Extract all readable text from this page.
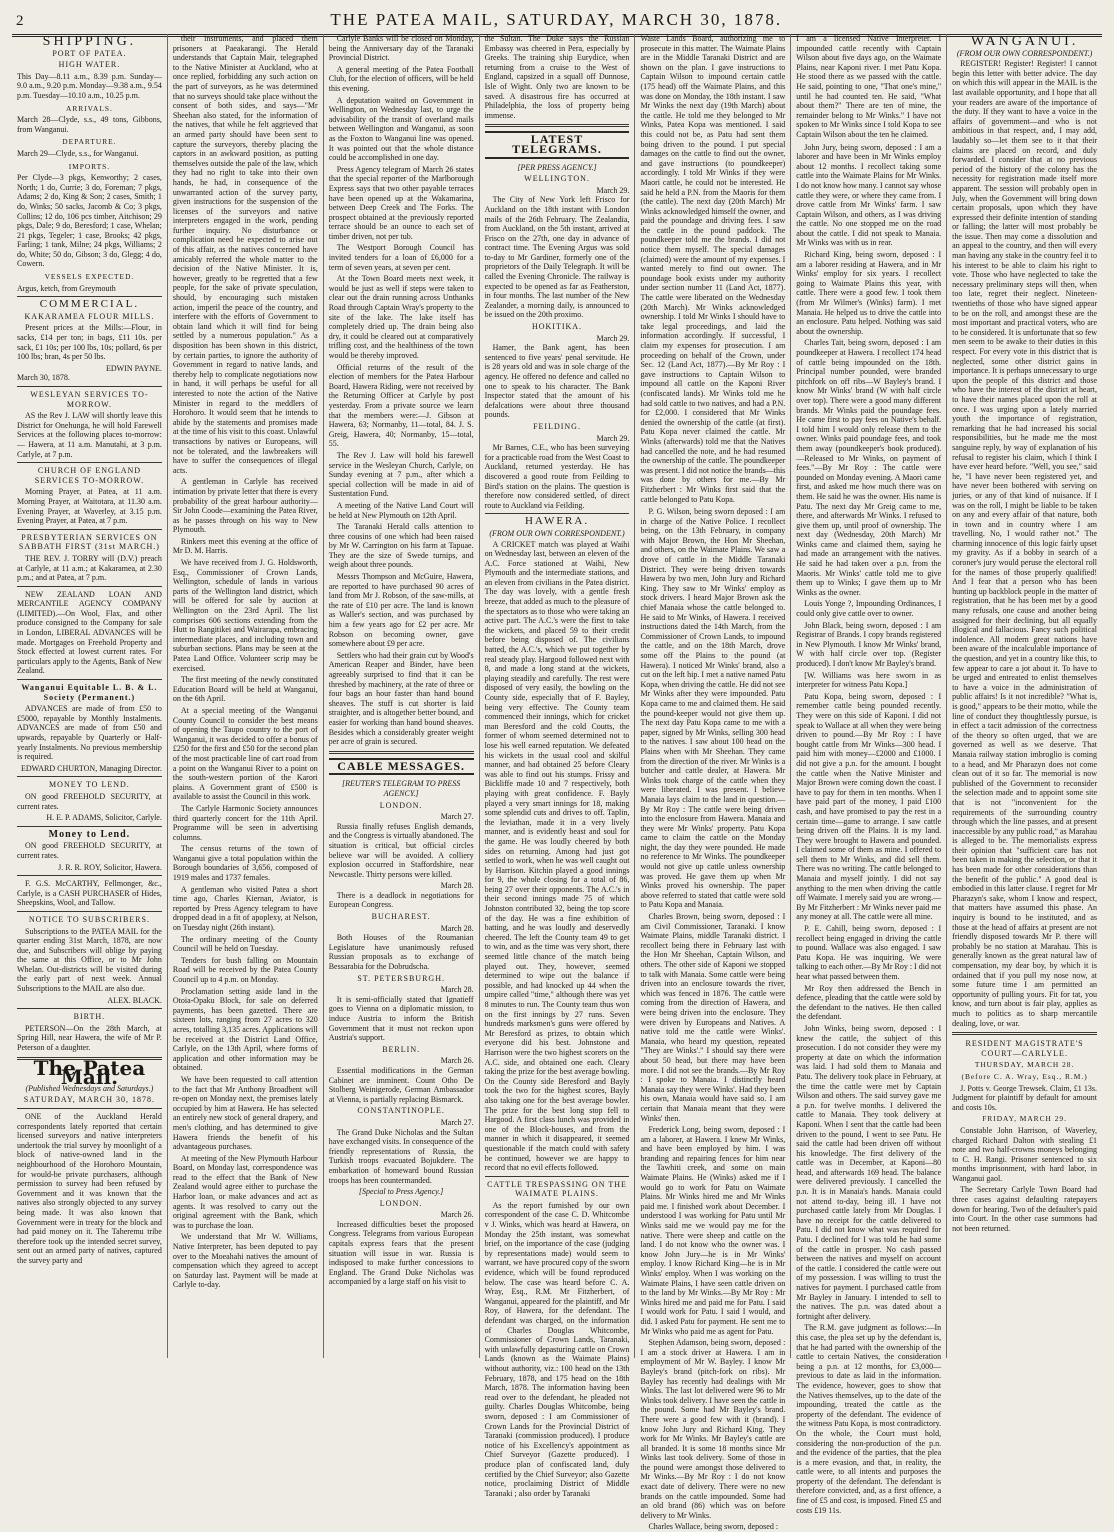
2	THE PATEA MAIL, SATURDAY, MARCH 30, 1878.
SHIPPING.
PORT OF PATEA.
HIGH WATER.
This Day—8.11 a.m., 8.39 p.m. Sunday—9.0 a.m., 9.20 p.m. Monday—9.38 a.m., 9.54 p.m. Tuesday—10.10 a.m., 10.25 p.m.
ARRIVALS.
March 28—Clyde, s.s., 49 tons, Gibbons, from Wanganui.
DEPARTURE.
March 29—Clyde, s.s., for Wanganui.
IMPORTS.
Per Clyde—3 pkgs, Kenworthy; 2 cases, North; 1 do, Currie; 3 do, Foreman; 7 pkgs, Adams; 2 do, King & Son; 2 cases, Smith; 1 do, Winks; 50 sacks, Jacomb & Co; 3 pkgs, Collins; 12 do, 106 pcs timber, Aitchison; 29 pkgs, Dale; 9 do, Beresford; 1 case, Whelan; 21 pkgs, Tegeler; 1 case, Brooks; 42 pkgs, Farling; 1 tank, Milne; 24 pkgs, Williams; 2 do, White; 50 do, Gibson; 3 do, Glegg; 4 do, Cowern.
VESSELS EXPECTED.
Argus, ketch, from Greymouth
COMMERCIAL.
KAKARAMEA FLOUR MILLS.
Present prices at the Mills:—Flour, in sacks, £14 per ton; in bags, £11 10s. per sack, £1 10s; per 100 lbs, 10s; pollard, 6s per 100 lbs; bran, 4s per 50 lbs.
EDWIN PAYNE.
March 30, 1878.
WESLEYAN SERVICES TO-MORROW.
AS the Rev J. LAW will shortly leave this District for Onehunga, he will hold Farewell Services at the following places to-morrow:— Hawera, at 11 a.m. Manutahi, at 3 p.m. Carlyle, at 7 p.m.
CHURCH OF ENGLAND SERVICES TO-MORROW.
Morning Prayer, at Patea, at 11 a.m. Morning Prayer, at Waitotara, at 11.30 a.m. Evening Prayer, at Waverley, at 3.15 p.m. Evening Prayer, at Patea, at 7 p.m.
PRESBYTERIAN SERVICES ON SABBATH FIRST (31st MARCH.)
THE REV. J. TORRY will (D.V.) preach at Carlyle, at 11 a.m.; at Kakaramea, at 2.30 p.m.; and at Patea, at 7 p.m.
NEW ZEALAND LOAN AND MERCANTILE AGENCY COMPANY (LIMITED).—On Wool, Flax, and other produce consigned to the Company for sale in London, LIBERAL ADVANCES will be made. Mortgages on Freehold Property and Stock effected at lowest current rates. For particulars apply to the Agents, Bank of New Zealand.
Wanganui Equitable L. B. & L. Society (Permanent.)
ADVANCES are made of from £50 to £5000, repayable by Monthly Instalments. ADVANCES are made of from £50 and upwards, repayable by Quarterly or Half-yearly Instalments. No previous membership is required.
EDWARD CHURTON, Managing Director.
MONEY TO LEND.
ON good FREEHOLD SECURITY, at current rates.
H. E. P. ADAMS, Solicitor, Carlyle.
Money to Lend.
ON good FREEHOLD SECURITY, at current rates.
J. R. R. ROY, Solicitor, Hawera.
F. G.S. McCARTHY, Fellmonger, &c., Carlyle, is a CASH PURCHASER of Hides, Sheepskins, Wool, and Tallow.
NOTICE TO SUBSCRIBERS.
Subscriptions to the PATEA MAIL for the quarter ending 31st March, 1878, are now due, and Subscribers will oblige by paying the same at this Office, or to Mr John Whelan. Out-districts will be visited during the early part of next week. Annual Subscriptions to the MAIL are also due.
ALEX. BLACK.
BIRTH.
PETERSON—On the 28th March, at Spring Hill, near Hawera, the wife of Mr P. Peterson of a daughter.
The Patea Mail.
(Published Wednesdays and Saturdays.)
SATURDAY, MARCH 30, 1878.
ONE of the Auckland Herald correspondents lately reported that certain licensed surveyors and native interpreters undertook the trial survey by moonlight of a block of native-owned land in the neighbourhood of the Horohoro Mountain, for would-be private purchasers, although permission to survey had been refused by Government and it was known that the natives also strongly objected to any survey being made. It was also known that Government were in treaty for the block and had paid money on it. The Taheremu tribe therefore took up the intended secret survey, sent out an armed party of natives, captured the survey party and
their instruments, and placed them prisoners at Paeakarangi. The Herald understands that Captain Mair, telegraphed to the Native Minister at Auckland, who at once replied, forbidding any such action on the part of surveyors, as he was determined that no surveys should take place without the consent of both sides, and says—"Mr Sheehan also stated, for the information of the natives, that while he felt aggrieved that an armed party should have been sent to capture the surveyors, thereby placing the captors in an awkward position, as putting themselves outside the pale of the law, which they had no right to take into their own hands, he had, in consequence of the unwarranted action of the survey party, given instructions for the suspension of the licenses of the surveyors and native interpreters engaged in the work, pending further inquiry. No disturbance or complication need be expected to arise out of this affair, as the natives concerned have amicably referred the whole matter to the decision of the Native Minister. It is, however, greatly to be regretted that a few people, for the sake of private speculation, should, by encouraging such mistaken action, imperil the peace of the country, and interfere with the efforts of Government to obtain land which it will find for being settled by a numerous population." As a disposition has been shown in this district, by certain parties, to ignore the authority of Government in regard to native lands, and thereby help to complicate negotiations now in hand, it will perhaps be useful for all interested to note the action of the Native Minister in regard to the meddlers of Horohoro. It would seem that he intends to abide by the statements and promises made at the time of his visit to this coast. Unlawful transactions by natives or Europeans, will not be tolerated, and the lawbreakers will have to suffer the consequences of illegal acts.
A gentleman in Carlyle has received intimation by private letter that there is every probability of the great harbour authority—Sir John Coode—examining the Patea River, as he passes through on his way to New Plymouth.
Rinkers meet this evening at the office of Mr D. M. Harris.
We have received from J. G. Holdsworth, Esq., Commissioner of Crown Lands, Wellington, schedule of lands in various parts of the Wellington land district, which will be offered for sale by auction at Wellington on the 23rd April. The list comprises 606 sections extending from the Hutt to Rangitikei and Wairarapa, embracing intermediate places, and including town and suburban sections. Plans may be seen at the Patea Land Office. Volunteer scrip may be exercised.
The first meeting of the newly constituted Education Board will be held at Wanganui, on the 6th April.
At a special meeting of the Wanganui County Council to consider the best means of opening the Taupo country to the port of Wanganui, it was decided to offer a bonus of £250 for the first and £50 for the second plan of the most practicable line of cart road from a point on the Wanganui River to a point on the south-western portion of the Karori plains. A Government grant of £500 is available to assist the Council in this work.
The Carlyle Harmonic Society announces third quarterly concert for the 11th April. Programme will be seen in advertising columns.
The census returns of the town of Wanganui give a total population within the Borough boundaries of 3,656, composed of 1919 males and 1737 females.
A gentleman who visited Patea a short time ago, Charles Kiernan, Aviator, is reported by Press Agency telegram to have dropped dead in a fit of apoplexy, at Nelson, on Tuesday night (26th instant).
The ordinary meeting of the County Council will be held on Tuesday.
Tenders for bush falling on Mountain Road will be received by the Patea County Council up to 4 p.m. on Monday.
Proclamation setting aside land in the Otoia-Opaku Block, for sale on deferred payments, has been gazetted. There are sixteen lots, ranging from 27 acres to 320 acres, totalling 3,135 acres. Applications will be received at the District Land Office, Carlyle, on the 13th April, where forms of application and other information may be obtained.
We have been requested to call attention to the fact that Mr Anthony Broadbent will re-open on Monday next, the premises lately occupied by him at Hawera. He has selected an entirely new stock of general drapery, and men's clothing, and has determined to give Hawera friends the benefit of his advantageous purchases.
At meeting of the New Plymouth Harbour Board, on Monday last, correspondence was read to the effect that the Bank of New Zealand would agree either to purchase the Harbor loan, or make advances and act as agents. It was resolved to carry out the original agreement with the Bank, which was to purchase the loan.
We understand that Mr W. Williams, Native Interpreter, has been deputed to pay over to the Moeahahi natives the amount of compensation which they agreed to accept on Saturday last. Payment will be made at Carlyle to-day.
Carlyle Banks will be closed on Monday, being the Anniversary day of the Taranaki Provincial District.
A general meeting of the Patea Football Club, for the election of officers, will be held this evening.
A deputation waited on Government in Wellington, on Wednesday last, to urge the advisability of the transit of overland mails between Wellington and Wanganui, as soon as the Foxton to Wanganui line was opened. It was pointed out that the whole distance could be accomplished in one day.
Press Agency telegram of March 26 states that the special reporter of the Marlborough Express says that two other payable terraces have been opened up at the Wakamarina, between Deep Creek and The Forks. The prospect obtained at the previously reported terrace should be an ounce to each set of timber driven, not per tub.
The Westport Borough Council has invited tenders for a loan of £6,000 for a term of seven years, at seven per cent.
At the Town Board meets next week, it would be just as well if steps were taken to clear out the drain running across Unthanks Road through Captain Wray's property to the site of the lake. The lake itself has completely dried up. The drain being also dry, it could be cleared out at comparatively trifling cost, and the healthiness of the town would be thereby improved.
Official returns of the result of the election of members for the Patea Harbour Board, Hawera Riding, were not received by the Returning Officer at Carlyle by post yesterday. From a private source we learn that the members were:—J. Gibson at Hawera, 63; Normanby, 11—total, 84. J. S. Greig, Hawera, 40; Normanby, 15—total, 55.
The Rev J. Law will hold his farewell service in the Wesleyan Church, Carlyle, on Sunday evening at 7 p.m., after which a special collection will be made in aid of Sustentation Fund.
A meeting of the Native Land Court will be held at New Plymouth on 12th April.
The Taranaki Herald calls attention to three cousins of one which had been raised by Mr W. Carrington on his farm at Tapuae. They are the size of Swede turnips, and weigh about three pounds.
Messrs Thompson and McGuire, Hawera, are reported to have purchased 90 acres of land from Mr J. Robson, of the saw-mills, at the rate of £10 per acre. The land is known as Waller's section, and was purchased by him a few years ago for £2 per acre. Mr Robson on becoming owner, gave somewhere about £9 per acre.
Settlers who had their grain cut by Wood's American Reaper and Binder, have been agreeably surprised to find that it can be threshed by machinery, at the rate of three or four bags an hour faster than hand bound sheaves. The stuff is cut shorter is laid straighter, and is altogether better bound, and easier for working than hand bound sheaves. Besides which a considerably greater weight per acre of grain is secured.
CABLE MESSAGES.
[REUTER'S TELEGRAM TO PRESS AGENCY.]
LONDON.
March 27.
Russia finally refuses English demands, and the Congress is virtually abandoned. The situation is critical, but official circles believe war will be avoided. A colliery explosion occurred in Staffordshire, near Newcastle. Thirty persons were killed.
March 28.
There is a deadlock in negotiations for European Congress.
BUCHAREST.
March 28.
Both Houses of the Roumanian Legislature have unanimously refused Russian proposals as to exchange of Bessarabia for the Dobrudscha.
ST. PETERSBURGH.
March 28.
It is semi-officially stated that Ignatieff goes to Vienna on a diplomatic mission, to induce Austria to inform the British Government that it must not reckon upon Austria's support.
BERLIN.
March 26.
Essential modifications in the German Cabinet are imminent. Count Otho De Stolberg Weinigerode, German Ambassador at Vienna, is partially replacing Bismarck.
CONSTANTINOPLE.
March 27.
The Grand Duke Nicholas and the Sultan have exchanged visits. In consequence of the friendly representations of Russia, the Turkish troops evacuated Bojukdere. The embarkation of homeward bound Russian troops has been countermanded.
[Special to Press Agency.]
LONDON.
March 26.
Increased difficulties beset the proposed Congress. Telegrams from various European capitals express fears that the present situation will issue in war. Russia is indisposed to make further concessions to England. The Grand Duke Nicholas was accompanied by a large staff on his visit to
the Sultan. The Duke says the Russian Embassy was cheered in Pera, especially by Greeks. The training ship Eurydice, when returning from a cruise to the West of England, capsized in a squall off Dunnose, Isle of Wight. Only two are known to be saved. A disastrous fire has occurred at Philadelphia, the loss of property being immense.
LATEST TELEGRAMS.
[PER PRESS AGENCY.]
WELLINGTON.
March 29.
The City of New York left Frisco for Auckland on the 18th instant with London mails of the 26th February. The Zealandia, from Auckland, on the 5th instant, arrived at Frisco on the 27th, one day in advance of contract time. The Evening Argus was sold to-day to Mr Gardiner, formerly one of the proprietors of the Daily Telegraph. It will be called the Evening Chronicle. The railway is expected to be opened as far as Featherston, in four months. The last number of the New Zealander, a morning daily, is announced to be issued on the 20th proximo.
HOKITIKA.
March 29.
Hamer, the Bank agent, has been sentenced to five years' penal servitude. He is 28 years old and was in sole charge of the agency. He offered no defence and called no one to speak to his character. The Bank Inspector stated that the amount of his defalcations were about three thousand pounds.
FEILDING.
March 29.
Mr Barnes, C.E., who has been surveying for a practicable road from the West Coast to Auckland, returned yesterday. He has discovered a good route from Feilding to Bird's station on the plains. The question is therefore now considered settled, of direct route to Auckland via Feilding.
HAWERA.
(FROM OUR OWN CORRESPONDENT.)
A CRICKET match was played at Waihi on Wednesday last, between an eleven of the A.C. Force stationed at Waihi, New Plymouth and the intermediate stations, and an eleven from civilians in the Patea district. The day was lovely, with a gentle fresh breeze, that added as much to the pleasure of the spectators as to those who were taking an active part. The A.C.'s were the first to take the wickets, and placed 59 to their credit before being disposed of. The civilians batted, the A.C.'s, which we put together by real steady play. Hargood followed next with 8, and made a long stand at the wickets, playing steadily and carefully. The rest were disposed of very easily, the bowling on the County side, especially that of F. Bayley, being very effective. The County team commenced their innings, which for cricket man Beresford and the cold Coutts, the former of whom seemed determined not to lose his well earned reputation. We defeated his wickets in the usual cool and skilful manner, and had obtained 25 before Cleary was able to find out his stumps. Frissy and Bickliffe made 10 and 7 respectively, both playing with great confidence. F. Bayly played a very smart innings for 18, making some splendid cuts and drives to off. Taplin, the leviathan, made it in a very lively manner, and is evidently beast and soul for the game. He was loudly cheered by both sides on returning. Among had just got settled to work, when he was well caught out by Harrison. Kitchin played a good innings for 9, the whole closing for a total of 86, being 27 over their opponents. The A.C.'s in their second innings made 75 of which Johnston contributed 32, being the top score of the day. He was a fine exhibition of batting, and he was loudly and deservedly cheered. The left the County team 49 to get to win, and as the time was very short, there seemed little chance of the match being played out. They, however, seemed determined to wipe out the balance if possible, and had knocked up 44 when the umpire called "time," although there was yet 8 minutes to run. The County team thus won on the first innings by 27 runs. Seven hundreds marksmen's guns were offered by Mr Beresford as prizes, to obtain which everyone did his best. Johnstone and Harrison were the two highest scorers on the A.C. side, and obtained one each. Cleary taking the prize for the best average bowling. On the County side Beresford and Bayly took the two for the highest scores, Bayly also taking one for the best average bowler. The prize for the best long stop fell to Hargood. A first class lunch was provided in one of the Block-houses, and from the manner in which it disappeared, it seemed questionable if the match could with safety be continued, however we are happy to record that no evil effects followed.
CATTLE TRESPASSING ON THE WAIMATE PLAINS.
As the report furnished by our own correspondent of the case C. D. Whitcombe v J. Winks, which was heard at Hawera, on Monday the 25th instant, was somewhat brief, on the importance of the case (judging by representations made) would seem to warrant, we have procured copy of the sworn evidence, which will be found reproduced below. The case was heard before C. A. Wray, Esq., R.M. Mr Fitzherbert, of Wanganui, appeared for the plaintiff, and Mr Roy, of Hawera, for the defendant. The defendant was charged, on the information of Charles Douglas Whitcombe, Commissioner of Crown Lands, Taranaki, with unlawfully depasturing cattle on Crown Lands (known as the Waimate Plains) without authority, viz.: 100 head on the 13th February, 1878, and 175 head on the 18th March, 1878. The information having been read over to the defendant, he pleaded not guilty. Charles Douglas Whitcombe, being sworn, deposed : I am Commissioner of Crown Lands for the Provincial District of Taranaki (commission produced). I produce notice of his Excellency's appointment as Chief Surveyor (Gazette produced). I produce plan of confiscated land, duly certified by the Chief Surveyor; also Gazette notice, proclaiming District of Middle Taranaki ; also order by Taranaki
Waste Lands Board, authorizing me to prosecute in this matter. The Waimate Plains are in the Middle Taranaki District and are shown on the plan. I gave instructions to Captain Wilson to impound certain cattle (175 head) off the Waimate Plains, and this was done on Monday, the 18th instant. I saw Mr Winks the next day (19th March) about the cattle. He told me they belonged to Mr Winks, Patea Kopa was mentioned. I said this could not be, as Patu had sent them boing driven to the pound. I put special damages on the cattle to find out the owner, and gave instructions (to poundkeeper) accordingly. I told Mr Winks if they were Maori cattle, he could not be interested. He said he held a P.N. from the Maoris for them (the cattle). The next day (20th March) Mr Winks acknowledged himself the owner, and paid the poundage and driving fees. I saw the cattle in the pound paddock. The poundkeeper told me the brands. I did not notice them myself. The special damages (claimed) were the amount of my expenses. I wanted merely to find out owner. The poundage book exists under my authority under section number 11 (Land Act, 1877). The cattle were liberated on the Wednesday (20th March). Mr Winks acknowledged ownership. I told Mr Winks I should have to take legal proceedings, and laid the information accordingly. If successful, I claim my expenses for prosecution. I am proceeding on behalf of the Crown, under Sec. 12 (Land Act, 1877).—By Mr Roy : I gave instructions to Captain Wilson to impound all cattle on the Kaponi River (confiscated lands). Mr Winks told me he had sold cattle to two natives, and had a P.N. for £2,000. I considered that Mr Winks denied the ownership of the cattle (at first). Patu Kopa never claimed the cattle. Mr Winks (afterwards) told me that the Natives had cancelled the note, and he had resumed the ownership of the cattle. The poundkeeper was present. I did not notice the brands—this was done by others for me.—By Mr Fitzherbert : Mr Winks first said that the cattle belonged to Patu Kopa.
P. G. Wilson, being sworn deposed : I am in charge of the Native Police. I recollect being, on the 13th February, in company with Major Brown, the Hon Mr Sheehan, and others, on the Waimate Plains. We saw a drove of cattle in the Middle Taranaki District. They were being driven towards Hawera by two men, John Jury and Richard King. They saw to Mr Winks' employ as stock drivers. I heard Major Brown ask the chief Manaia whose the cattle belonged to. He said to Mr Winks, of Hawera. I received instructions dated the 14th March, from the Commissioner of Crown Lands, to impound the cattle, and on the 18th March, drove some off the Plains to the pound (at Hawera). I noticed Mr Winks' brand, also a cut on the left hip. I met a native named Patu Kopa, when driving the cattle. He did not see Mr Winks after they were impounded. Patu Kopa came to me and claimed them. He said the pound-keeper would not give them up. The next day Patu Kopa came to me with a paper, signed by Mr Winks, selling 300 head to the natives. I saw about 100 head on the Plains when with Mr Sheehan. They came from the direction of the river. Mr Winks is a butcher and cattle dealer, at Hawera. Mr Winks took charge of the cattle when they were liberated. I was present. I believe Manaia lays claim to the land in question.—By Mr Roy : The cattle were being driven into the enclosure from Hawera. Manaia and they were Mr Winks' property. Patu Kopa came to claim the cattle on the Monday night, the day they were pounded. He made no reference to Mr Winks. The poundkeeper would not give up cattle unless ownership was proved. He gave them up when Mr Winks proved his ownership. The paper above referred to stated that cattle were sold to Patu Kopa and Manaia.
Charles Brown, being sworn, deposed : I am Civil Commissioner, Taranaki. I know Waimate Plains, middle Taranaki district. I recollect being there in February last with the Hon Mr Sheehan, Captain Wilson, and others. The other side of Kaponi we stopped to talk with Manaia. Some cattle were being driven into an enclosure towards the river, which was fenced in 1876. The cattle were coming from the direction of Hawera, and were being driven into the enclosure. They were driven by Europeans and Natives. A native told me the cattle were Winks'. Manaia, who heard my question, repeated "They are Winks'." I should say there were about 50 head, but there may have been more. I did not see the brands.—By Mr Roy : I spoke to Manaia. I distinctly heard Manaia say they were Winks'. Had they been his own, Manaia would have said so. I am certain that Manaia meant that they were Winks' then.
Frederick Long, being sworn, deposed : I am a laborer, at Hawera. I knew Mr Winks, and have been employed by him. I was branding and repairing fences for him near the Tawhiti creek, and some on main Waimate Plains. He (Winks) asked me if I would go to work for Patu on Waimate Plains. Mr Winks hired me and Mr Winks paid me. I finished work about December. I understood I was working for Patu until Mr Winks said me we would pay me for the native. There were sheep and cattle on the land. I do not know who the owner was. I know John Jury—he is in Mr Winks' employ. I know Richard King—he is in Mr Winks' employ. When I was working on the Waimate Plains, I have seen cattle driven on to the land by Mr Winks.—By Mr Roy : Mr Winks hired me and paid me for Patu. I said I would work for Patu. I said I would, and did. I asked Patu for payment. He sent me to Mr Winks who paid me as agent for Patu.
Stephen Adamson, being sworn, deposed : I am a stock driver at Hawera. I am in employment of Mr W. Bayley. I know Mr Bayley's brand (pitch-fork on ribs). Mr Bayley has recently had dealings with Mr Winks. The last lot delivered were 96 to Mr Winks took delivery. I have seen the cattle in the pound. Some had Mr Bayley's brand. There were a good few with it (brand). I know John Jury and Richard King. They work for Mr Winks. Mr Bayley's cattle are all branded. It is some 18 months since Mr Winks last took delivery. Some of those in the pound were amongst those delivered to Mr Winks.—By Mr Roy : I do not know exact date of delivery. There were no new brands on the cattle impounded. Some had an old brand (86) which was on before delivery to Mr Winks.
Charles Wallace, being sworn, deposed :
I am a licensed Native Interpreter. I impounded cattle recently with Captain Wilson about five days ago, on the Waimate Plains, near Kaponi river. I met Patu Kopa. He stood there as we passed with the cattle. He said, pointing to one, "That one's mine," until he had counted ten. He said, "What about them?" There are ten of mine, the remainder belong to Mr Winks." I have not spoken to Mr Winks since I told Kopa to see Captain Wilson about the ten he claimed.
John Jury, being sworn, deposed : I am a laborer and have been in Mr Winks employ about 12 months. I recollect taking some cattle into the Waimate Plains for Mr Winks. I do not know how many. I cannot say whose cattle they were, or where they came from. I drove cattle from Mr Winks' farm. I saw Captain Wilson, and others, as I was driving the cattle. No one stopped me on the road about the cattle. I did not speak to Manaia. Mr Winks was with us in rear.
Richard King, being sworn, deposed : I am a laborer residing at Hawera, and in Mr Winks' employ for six years. I recollect going to Waimate Plains this year, with cattle. There were a good few. I took them (from Mr Wilmer's (Winks) farm). I met Manaia. He helped us to drive the cattle into an enclosure. Patu helped. Nothing was said about the ownership.
Charles Tait, being sworn, deposed : I am poundkeeper at Hawera. I recollect 174 head of cattle being impounded on the 18th. Principal number pounded, were branded pitchfork on off ribs—W Bayley's brand. I know Mr Winks' brand (W with half circle over top). There were a good many different brands. Mr Winks paid the poundage fees. He came first to pay fees on Native's behalf. I told him I would only release them to the owner. Winks paid poundage fees, and took them away (poundkeeper's book produced).—Released to Mr Winks, on payment of fees."—By Mr Roy : The cattle were pounded on Monday evening. A Maori came first, and asked me how much there was on them. He said he was the owner. His name is Patu. The next day Mr Greig came to me, there, and afterwards Mr Winks. I refused to give them up, until proof of ownership. The next day (Wednesday, 20th March) Mr Winks came and claimed them, saying he had made an arrangement with the natives. He said he had taken over a p.n. from the Maoris. Mr Winks' cattle told me to give them up to Winks; I gave them up to Mr Winks as the owner.
Louis Yonge ?, Impounding Ordinances, I could only give cattle over to owner.
John Black, being sworn, deposed : I am Registrar of Brands. I copy brands registered in New Plymouth. I know Mr Winks' brand, W with half circle over top. (Register produced). I don't know Mr Bayley's brand.
[W. Williams was here sworn in as interpreter for witness Patu Kopa.]
Patu Kopa, being sworn, deposed : I remember cattle being pounded recently. They were on this side of Kaponi. I did not speak to Wallace at all when they were being driven to pound.—By Mr Roy : I have bought cattle from Mr Winks—300 head. I paid him with money—£2000 and £1000. I did not give a p.n. for the amount. I bought the cattle when the Native Minister and Major Brown were coming down the coast. I have to pay for them in ten months. When I have paid part of the money, I paid £100 cash, and have promised to pay the rest in a certain time—game to arrange. I saw cattle being driven off the Plains. It is my land. They were brought to Hawera and pounded. I claimed some of them as mine. I offered to sell them to Mr Winks, and did sell them. There was no writing. The cattle belonged to Manaia and myself jointly. I did not say anything to the men when driving the cattle off Waimate. I merely said you are wrong.—By Mr Fitzherbert : Mr Winks never paid me any money at all. The cattle were all mine.
P. E. Cahill, being sworn, deposed : I recollect being engaged in driving the cattle to pound. Wallace was also engaged. I saw Patu Kopa. He was inquiring. We were talking to each other.—By Mr Roy : I did not hear what passed between them.
Mr Roy then addressed the Bench in defence, pleading that the cattle were sold by the defendant to the natives. He then called the defendant.
John Winks, being sworn, deposed : I knew the cattle, the subject of this prosecution. I do not consider they were my property at date on which the information was laid. I had sold them to Manaia and Patu. The delivery took place in February, at the time the cattle were met by Captain Wilson and others. The said survey gave me a p.n. for twelve months. I delivered the cattle to Manaia. They took delivery at Kaponi. When I sent that the cattle had been driven to the pound, I went to see Patu. He said the cattle had been driven off without his knowledge. The first delivery of the cattle was in December, at Kaponi—80 head, and afterwards 169 head. The balance were delivered previously. I cancelled the p.n. It is in Manaia's hands. Manaia could not attend to-day, being ill. I have not purchased cattle lately from Mr Douglas. I have no receipt for the cattle delivered to Patu. I did not know what was required for Patu. I declined for I was told he had some of the cattle in prosper. No cash passed between the natives and myself on account of the cattle. I considered the cattle were out of my possession. I was willing to trust the natives for payment. I purchased cattle from Mr Bayley in January. I intended to sell to the natives. The p.n. was dated about a fortnight after delivery.
The R.M. gave judgment as follows:—In this case, the plea set up by the defendant is, that he had parted with the ownership of the cattle to certain Natives, the consideration being a p.n. at 12 months, for £3,000—previous to date as laid in the information. The evidence, however, goes to show that the Natives themselves, up to the date of the impounding, treated the cattle as the property of the defendant. The evidence of the witness Patu Kopa, is most contradictory. On the whole, the Court must hold, considering the non-production of the p.n. and the evidence of the parties, that the plea is a mere evasion, and that, in reality, the cattle were, to all intents and purposes the property of the defendant. The defendant is therefore convicted, and, as a first offence, a fine of £5 and cost, is imposed. Fined £5 and costs £19 11s.
WANGANUI.
(FROM OUR OWN CORRESPONDENT.)
REGISTER! Register! Register! I cannot begin this letter with better advice. The day on which this will appear in the MAIL is the last available opportunity, and I hope that all your readers are aware of the importance of the duty. If they want to have a voice in the affairs of government—and who is not ambitious in that respect, and, I may add, laudably so—let them see to it that their claims are placed on record, and duly forwarded. I consider that at no previous period of the history of the colony has the necessity for registration made itself more apparent. The session will probably open in July, when the Government will bring down certain proposals, upon which they have expressed their definite intention of standing or falling; the latter will most probably be the issue. Then may come a dissolution and an appeal to the country, and then will every man having any stake in the country feel it to his interest to be able to claim his right to vote. Those who have neglected to take the necessary preliminary steps will then, when too late, regret their neglect. Nineteen-twentieths of those who have signed appear to be on the roll, and amongst these are the most important and practical voters, who are to be considered. It is unfortunate that so few men seem to be awake to their duties in this respect. For every vote in this district that is neglected, some other district gains in importance. It is perhaps unnecessary to urge upon the people of this district and those who have the interest of the district at heart, to have their names placed upon the roll at once. I was urging upon a lately married youth the importance of registration, remarking that he had increased his social responsibilities, but he made me the most sanguine reply, by way of explanation of his refusal to register his claim, which I think I have ever heard before. "Well, you see," said he, "I have never been registered yet, and have never been bothered with serving on juries, or any of that kind of nuisance. If I was on the roll, I might be liable to be taken on any and every affair of that nature, both in town and in country where I am travelling. No, I would rather not." The charming innocence of this logic fairly upset my gravity. As if a bobby in search of a coroner's jury would peruse the electoral roll for the names of those properly qualified! And I fear that a person who has been hunting up backblock people in the matter of registration, that he has been met by a good many refusals, one cause and another being assigned for their declining, but all equally illogical and fallacious. Fancy such political indolence. All modern great nations have been aware of the incalculable importance of the question, and yet in a country like this, to few appear to care a jot about it. To have to be urged and entreated to enlist themselves to have a voice in the administration of public affairs! Is it not incredible? "What is, is good," appears to be their motto, while the line of conduct they thoughtlessly pursue, is in effect a tacit admission of the correctness of the theory so often urged, that we are governed as well as we deserve. That Manaia railway station imbroglio is coming to a head, and Mr Pharazyn does not come clean out of it so far. The memorial is now published of the Government to reconsider the selection made and to appoint some site that is not "inconvenient for the requirements of the surrounding country through which the line passes, and at present inaccessible by any public road," as Marahau is alleged to be. The memorialists express their opinion that "sufficient care has not been taken in making the selection, or that it has been made for other considerations than the benefit of the public." A good deal is embodied in this latter clause. I regret for Mr Pharazyn's sake, whom I know and respect, that matters have assumed this phase. An inquiry is bound to be instituted, and as those at the head of affairs at present are not friendly disposed towards Mr P. there will probably be no station at Marahau. This is generally known as the great natural law of compensation, my dear boy, by which it is ordained that if you pull my nose now, at some future time I am permitted an opportunity of pulling yours. Fit for tat, you know, and turn about is fair play, applies as much to politics as to sharp mercantile dealing, love, or war.
RESIDENT MAGISTRATE'S COURT—CARLYLE.
THURSDAY, MARCH 28.
(Before C. A. Wray, Esq., R.M.)
J. Potts v. George Trewsek. Claim, £1 13s. Judgment for plaintiff by default for amount and costs 10s.
FRIDAY, MARCH 29.
Constable John Harrison, of Waverley, charged Richard Dalton with stealing £1 note and two half-crowns moneys belonging to C. H. Rangi. Prisoner sentenced to six months imprisonment, with hard labor, in Wanganui gaol.
The Secretary Carlyle Town Board had three cases against defaulting ratepayers down for hearing. Two of the defaulter's paid into Court. In the other case summons had not been returned.
